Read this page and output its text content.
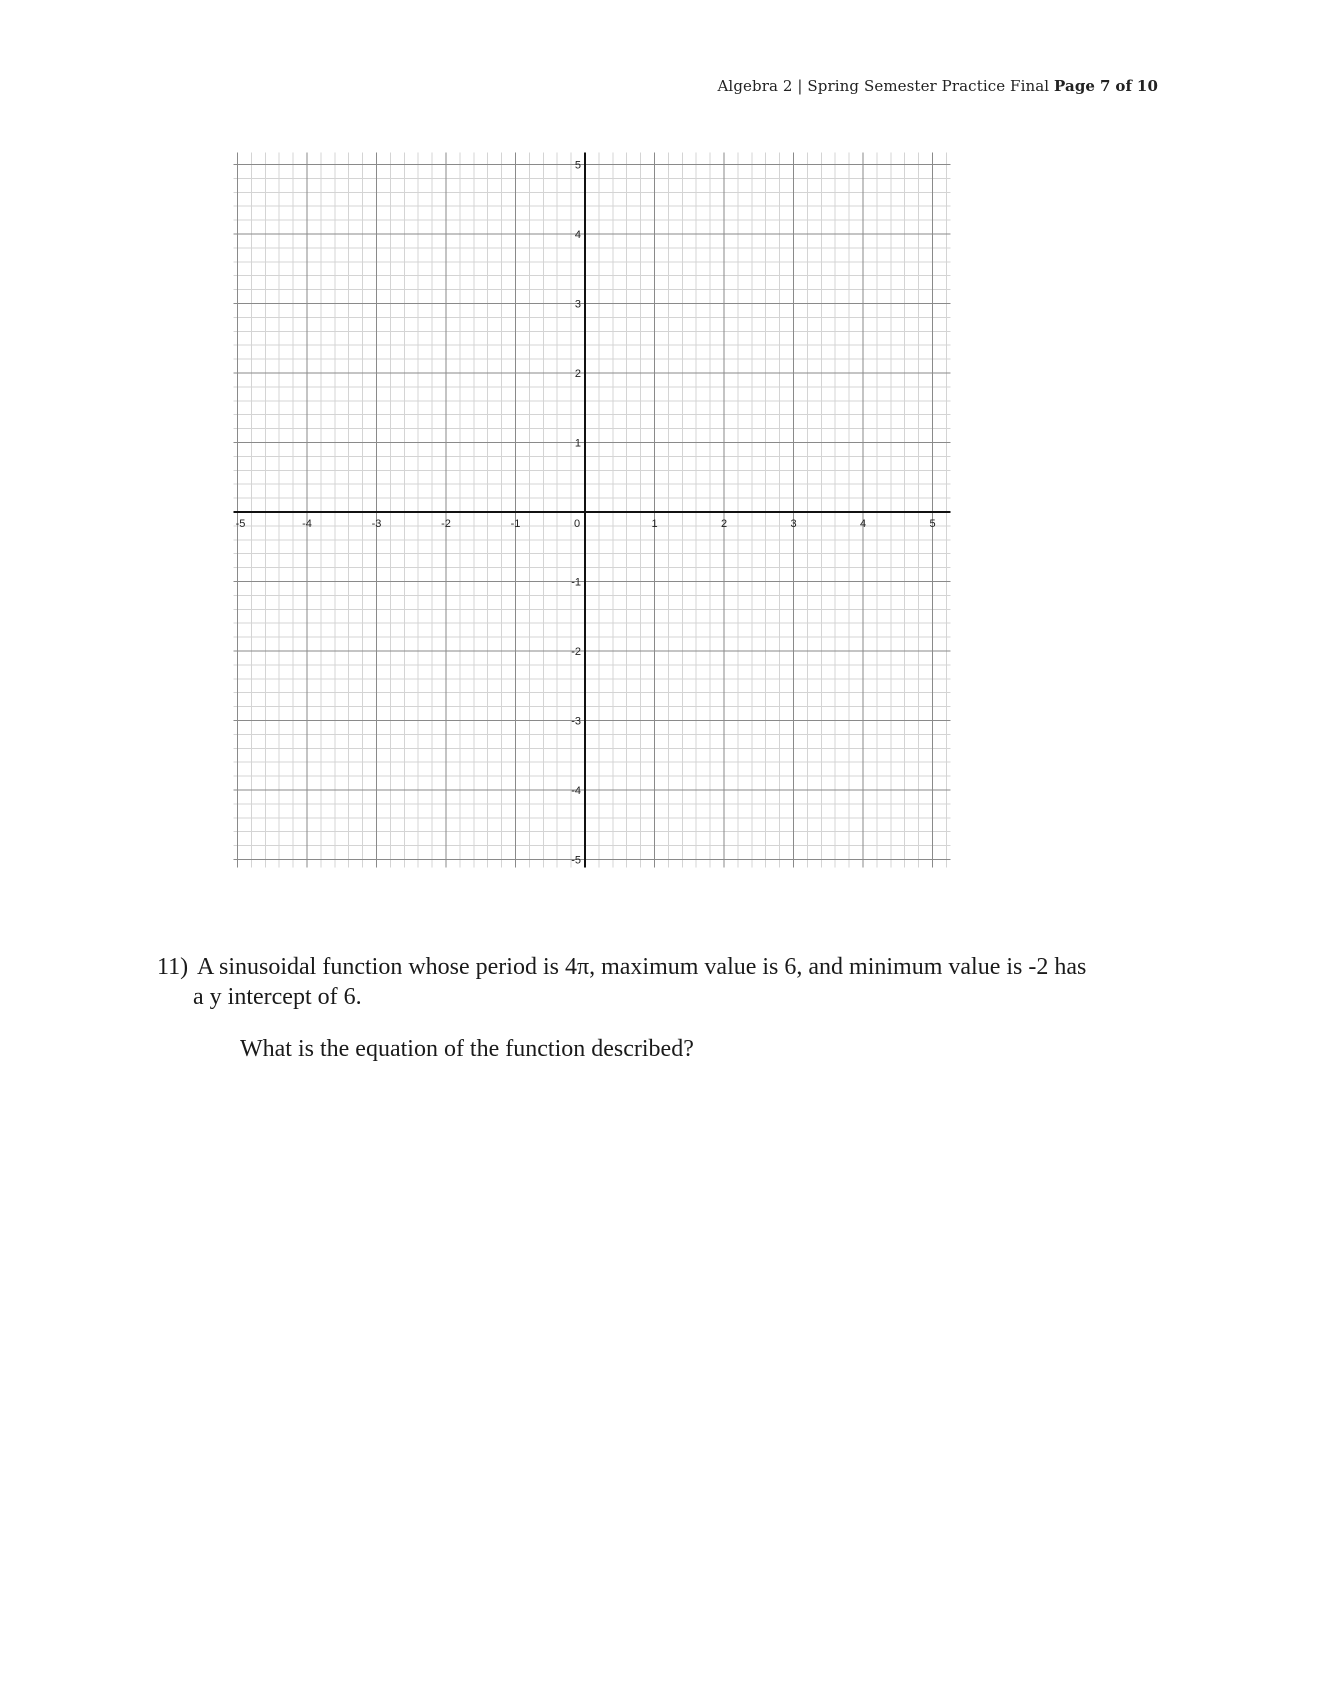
Algebra 2 | Spring Semester Practice Final Page 7 of 10
-5	-4	-3	-2	-1	0	1	2	3	4	5
5
4
3
2
1
-1
-2
-3
-4
-5
11) A sinusoidal function whose period is 4π, maximum value is 6, and minimum value is -2 has
a y intercept of 6.
What is the equation of the function described?
